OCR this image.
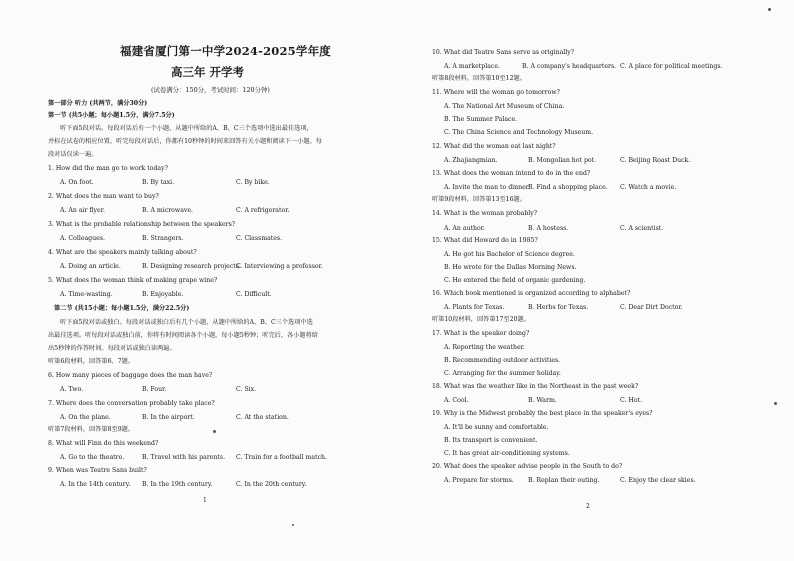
福建省厦门第一中学2024-2025学年度
高三年 开学考
(试卷满分：150分，考试时间：120分钟)
第一部分 听力 (共两节，满分30分)
第一节 (共5小题；每小题1.5分，满分7.5分)
听下面5段对话。每段对话后有一个小题，从题中所给的A、B、C三个选项中选出最佳选项，
并标在试卷的相应位置。听完每段对话后，你都有10秒钟的时间来回答有关小题和阅读下一小题。每
段对话仅读一遍。
1. How did the man go to work today?
A. On foot.	B. By taxi.	C. By bike.
2. What does the man want to buy?
A. An air flyer.	B. A microwave.	C. A refrigerator.
3. What is the probable relationship between the speakers?
A. Colleagues.	B. Strangers.	C. Classmates.
4. What are the speakers mainly talking about?
A. Doing an article.	B. Designing research projects.
C. Interviewing a professor.
5. What does the woman think of making grape wine?
A. Time-wasting.	B. Enjoyable.	C. Difficult.
第二节 (共15小题；每小题1.5分，满分22.5分)
听下面5段对话或独白。每段对话或独白后有几个小题，从题中所给的A、B、C三个选项中选
出最佳选项。听每段对话或独白前，你将有时间阅读各个小题，每小题5秒钟；听完后，各小题将给
出5秒钟的作答时间。每段对话或独白读两遍。
听第6段材料，回答第6、7题。
6. How many pieces of baggage does the man have?
A. Two.	B. Four.	C. Six.
7. Where does the conversation probably take place?
A. On the plane.	B. In the airport.	C. At the station.
听第7段材料，回答第8至9题。
8. What will Finn do this weekend?
A. Go to the theatre.	B. Travel with his parents. C. Train for a football match.
9. When was Teatre Sans built?
A. In the 14th century. B. In the 19th century.	C. In the 20th century.
1
10. What did Teatre Sans serve as originally?
A. A marketplace.	B. A company's headquarters. C. A place for political meetings.
听第8段材料，回答第10至12题。
11. Where will the woman go tomorrow?
A. The National Art Museum of China.
B. The Summer Palace.
C. The China Science and Technology Museum.
12. What did the woman eat last night?
A. Zhajiangmian.	B. Mongolian hot pot.	C. Beijing Roast Duck.
13. What does the woman intend to do in the end?
A. Invite the man to dinner.
B. Find a shopping place. C. Watch a movie.
听第9段材料，回答第13至16题。
14. What is the woman probably?
A. An author.	B. A hostess.	C. A scientist.
15. What did Howard do in 1985?
A. He got his Bachelor of Science degree.
B. He wrote for the Dallas Morning News.
C. He entered the field of organic gardening.
16. Which book mentioned is organized according to alphabet?
A. Plants for Texas.	B. Herbs for Texas.	C. Dear Dirt Doctor.
听第10段材料，回答第17至20题。
17. What is the speaker doing?
A. Reporting the weather.
B. Recommending outdoor activities.
C. Arranging for the summer holiday.
18. What was the weather like in the Northeast in the past week?
A. Cool.	B. Warm.	C. Hot.
19. Why is the Midwest probably the best place in the speaker's eyes?
A. It'll be sunny and comfortable.
B. Its transport is convenient.
C. It has great air-conditioning systems.
20. What does the speaker advise people in the South to do?
A. Prepare for storms. B. Replan their outing.	C. Enjoy the clear skies.
2
